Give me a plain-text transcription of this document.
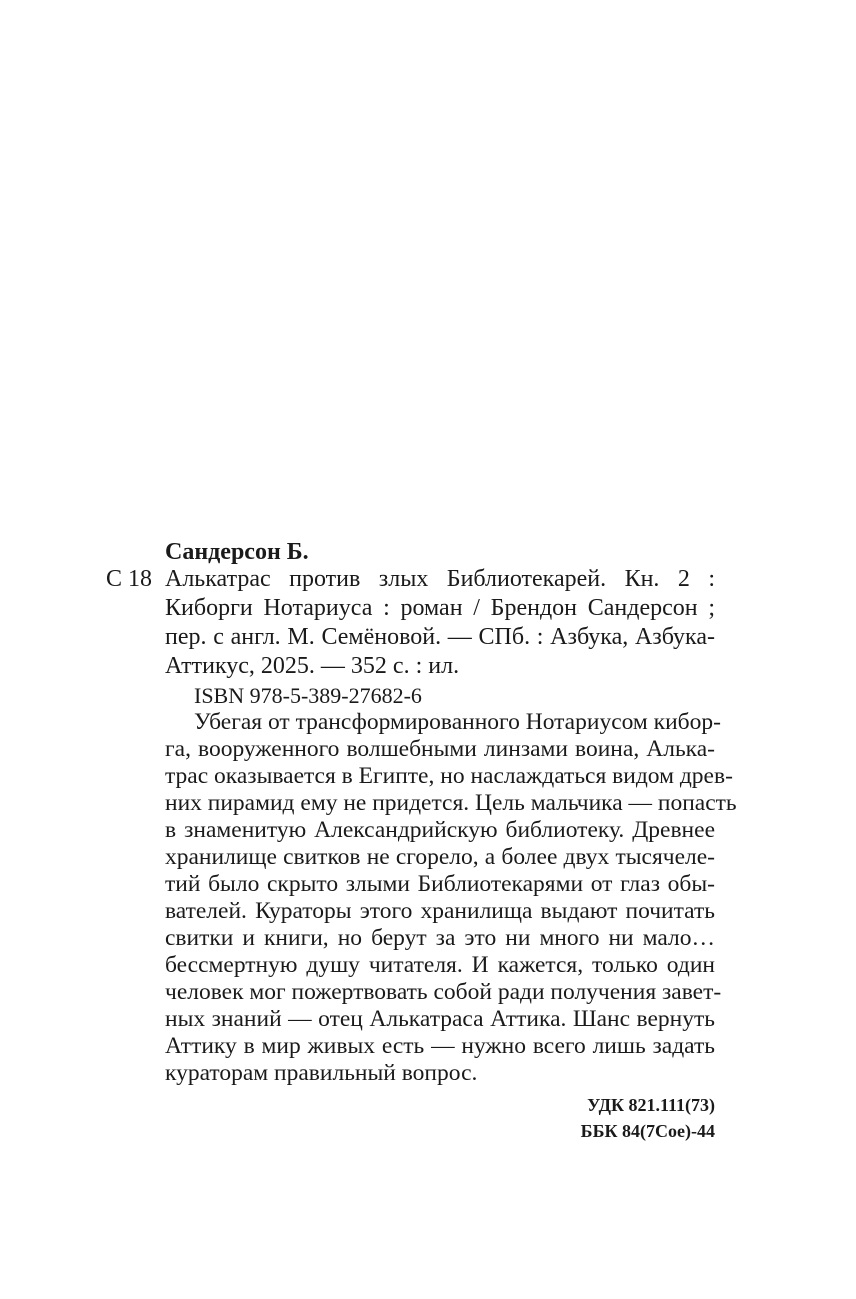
Сандерсон Б.
С 18 Алькатрас против злых Библиотекарей. Кн. 2 :
Киборги Нотариуса : роман / Брендон Сандерсон ;
пер. с англ. М. Семёновой. — СПб. : Азбука, Азбука-
Аттикус, 2025. — 352 с. : ил.
ISBN 978-5-389-27682-6
Убегая от трансформированного Нотариусом кибор-
га, вооруженного волшебными линзами воина, Алька-
трас оказывается в Египте, но наслаждаться видом древ-
них пирамид ему не придется. Цель мальчика — попасть
в знаменитую Александрийскую библиотеку. Древнее
хранилище свитков не сгорело, а более двух тысячеле-
тий было скрыто злыми Библиотекарями от глаз обы-
вателей. Кураторы этого хранилища выдают почитать
свитки и книги, но берут за это ни много ни мало…
бессмертную душу читателя. И кажется, только один
человек мог пожертвовать собой ради получения завет-
ных знаний — отец Алькатраса Аттика. Шанс вернуть
Аттику в мир живых есть — нужно всего лишь задать
кураторам правильный вопрос.
УДК 821.111(73)
ББК 84(7Сое)-44
